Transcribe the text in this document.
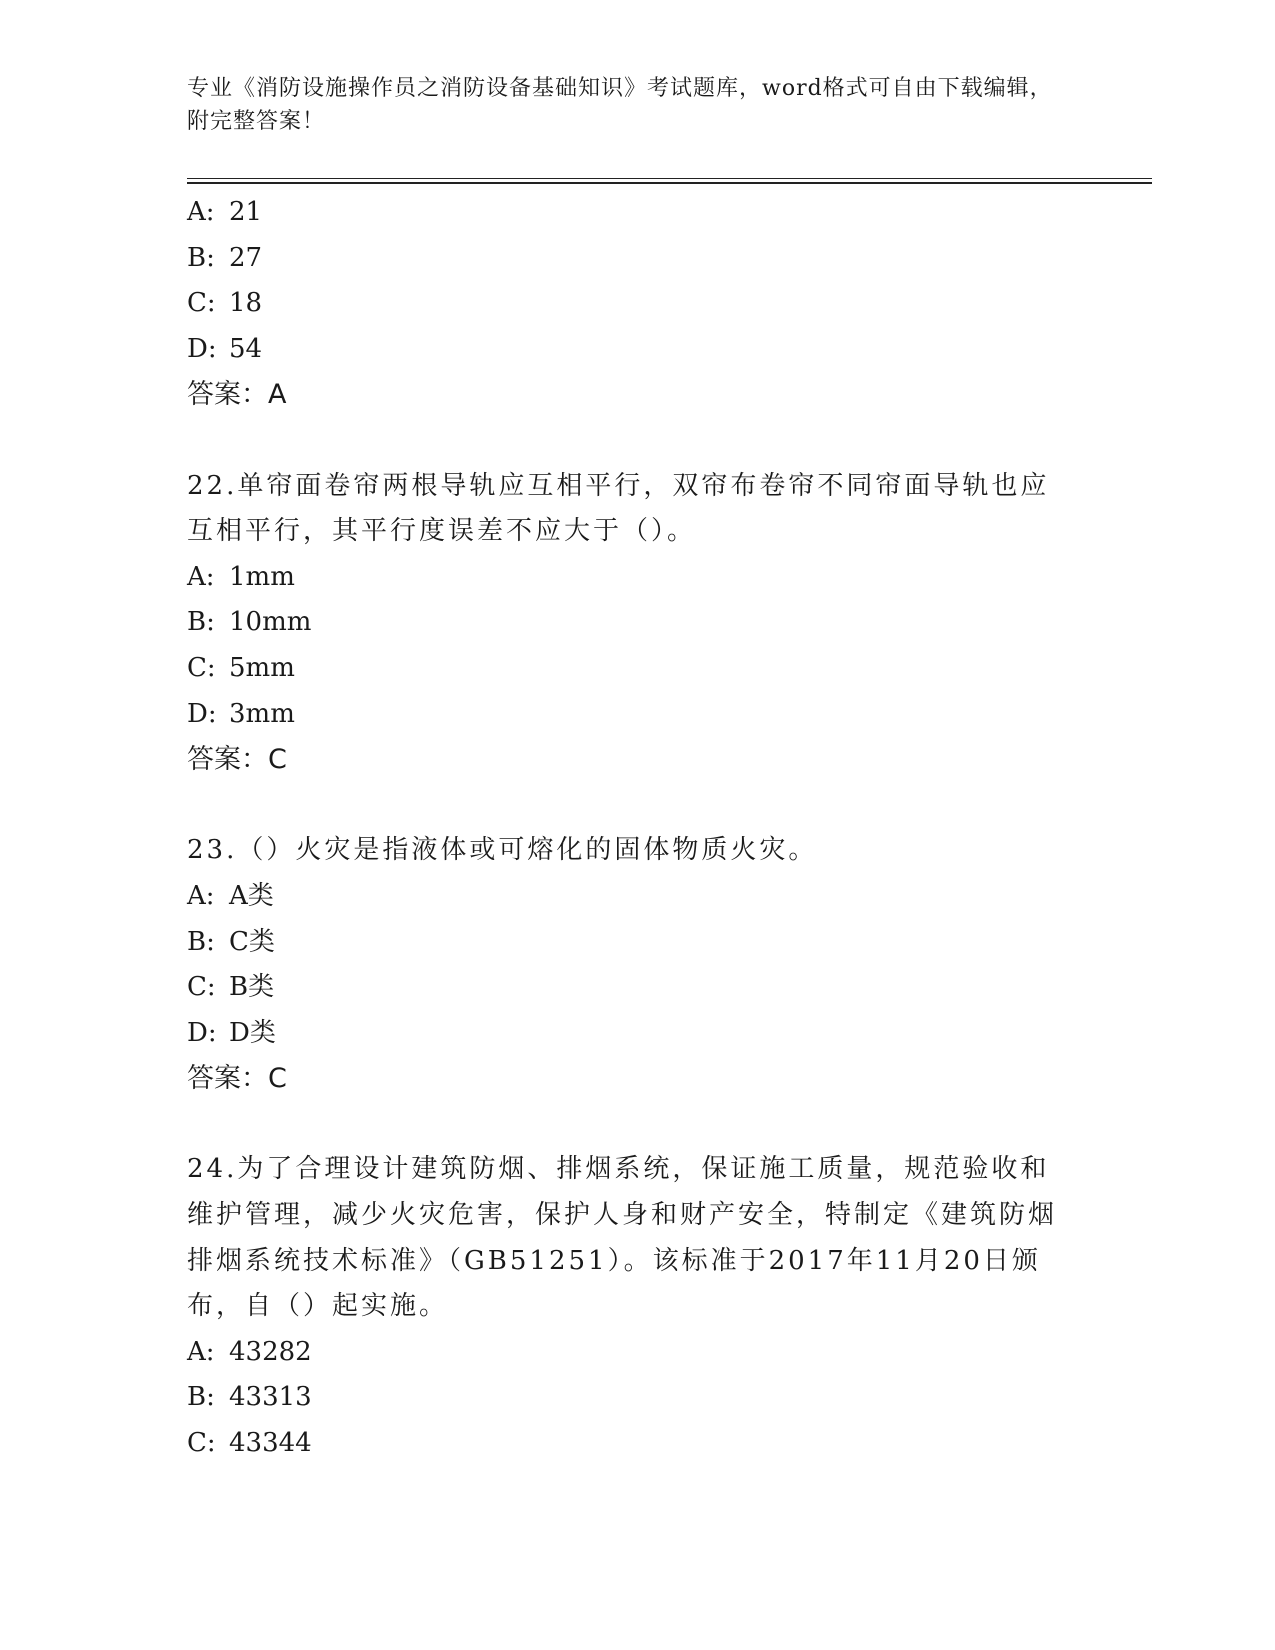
专业《消防设施操作员之消防设备基础知识》考试题库，word格式可自由下载编辑，附完整答案！
A: 21
B: 27
C: 18
D: 54
答案：A
22.单帘面卷帘两根导轨应互相平行，双帘布卷帘不同帘面导轨也应互相平行，其平行度误差不应大于（）。
A: 1mm
B: 10mm
C: 5mm
D: 3mm
答案：C
23.（）火灾是指液体或可熔化的固体物质火灾。
A: A类
B: C类
C: B类
D: D类
答案：C
24.为了合理设计建筑防烟、排烟系统，保证施工质量，规范验收和维护管理，减少火灾危害，保护人身和财产安全，特制定《建筑防烟排烟系统技术标准》（GB51251）。该标准于2017年11月20日颁布，自（）起实施。
A: 43282
B: 43313
C: 43344
